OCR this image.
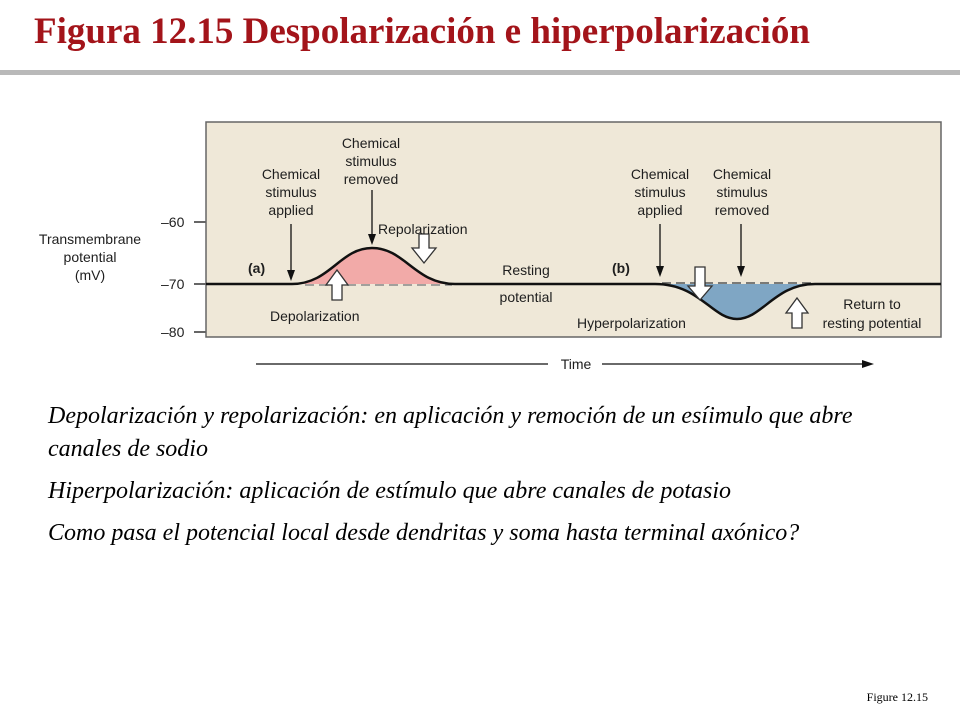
Figura 12.15 Despolarización e hiperpolarización
Transmembrane
potential
(mV)
–60
–70
–80
(a)	(b)
Chemical
stimulus
applied
Chemical
stimulus
removed
Repolarization
Depolarization
Resting
potential
Chemical
stimulus
applied
Chemical
stimulus
removed
Hyperpolarization
Return to
resting potential
Time

Depolarización y repolarización: en aplicación y remoción de un esíimulo que abre canales de sodio

Hiperpolarización: aplicación de estímulo que abre canales de potasio

Como pasa el potencial local desde dendritas y soma hasta terminal axónico?

Figure 12.15
